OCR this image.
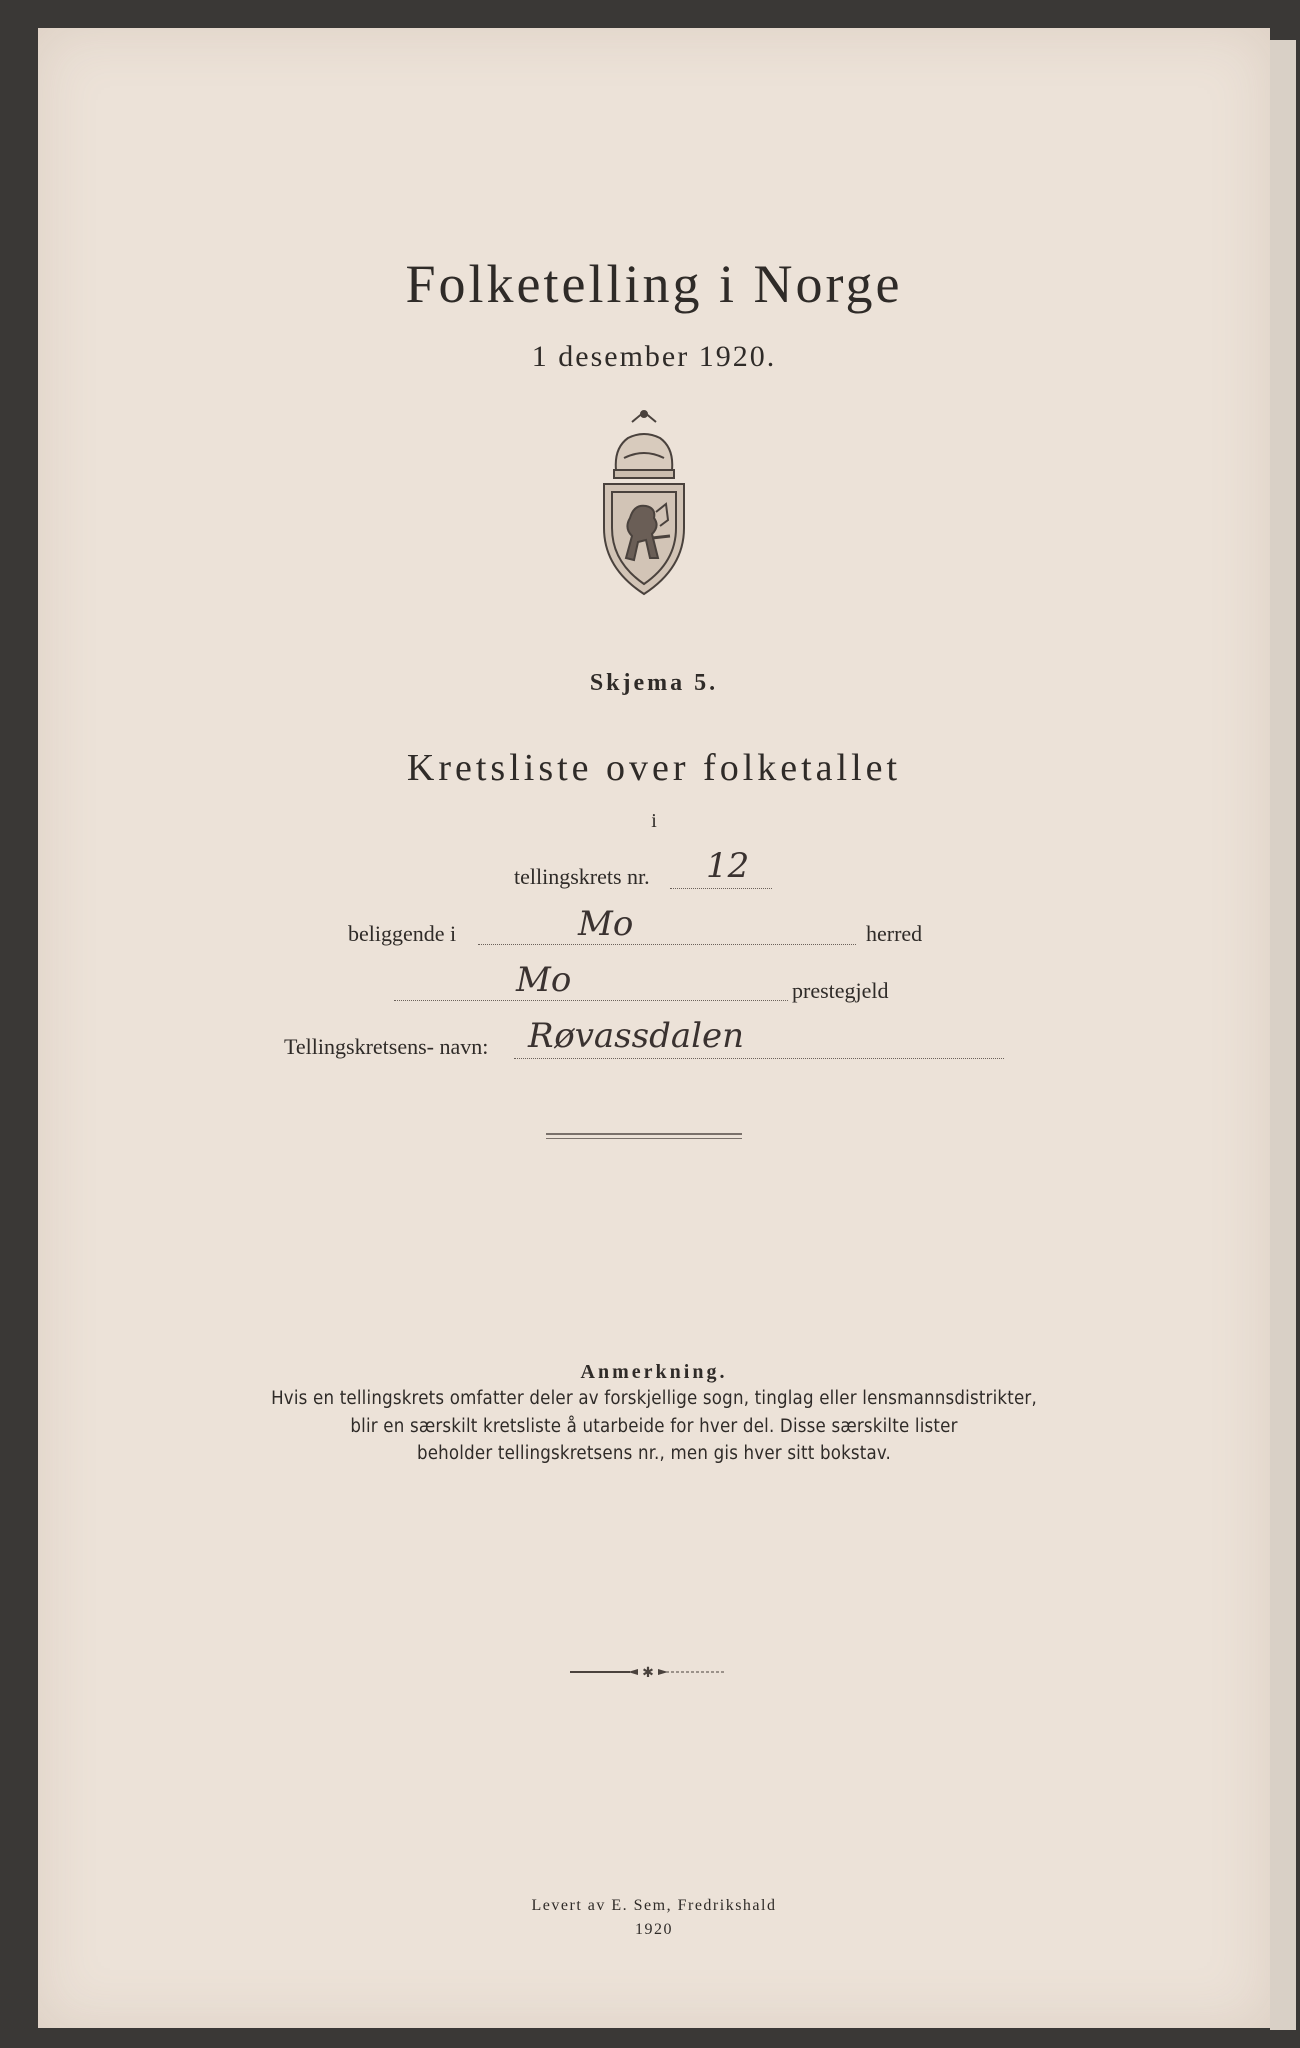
Folketelling i Norge
1 desember 1920.
Skjema 5.
Kretsliste over folketallet
i
tellingskrets nr. 12
beliggende i	Mo	herred
Mo	prestegjeld
Tellingskretsens- navn: Røvassdalen
Anmerkning.
Hvis en tellingskrets omfatter deler av forskjellige sogn, tinglag eller lensmannsdistrikter,
blir en særskilt kretsliste å utarbeide for hver del. Disse særskilte lister
beholder tellingskretsens nr., men gis hver sitt bokstav.
✱
Levert av E. Sem, Fredrikshald
1920
